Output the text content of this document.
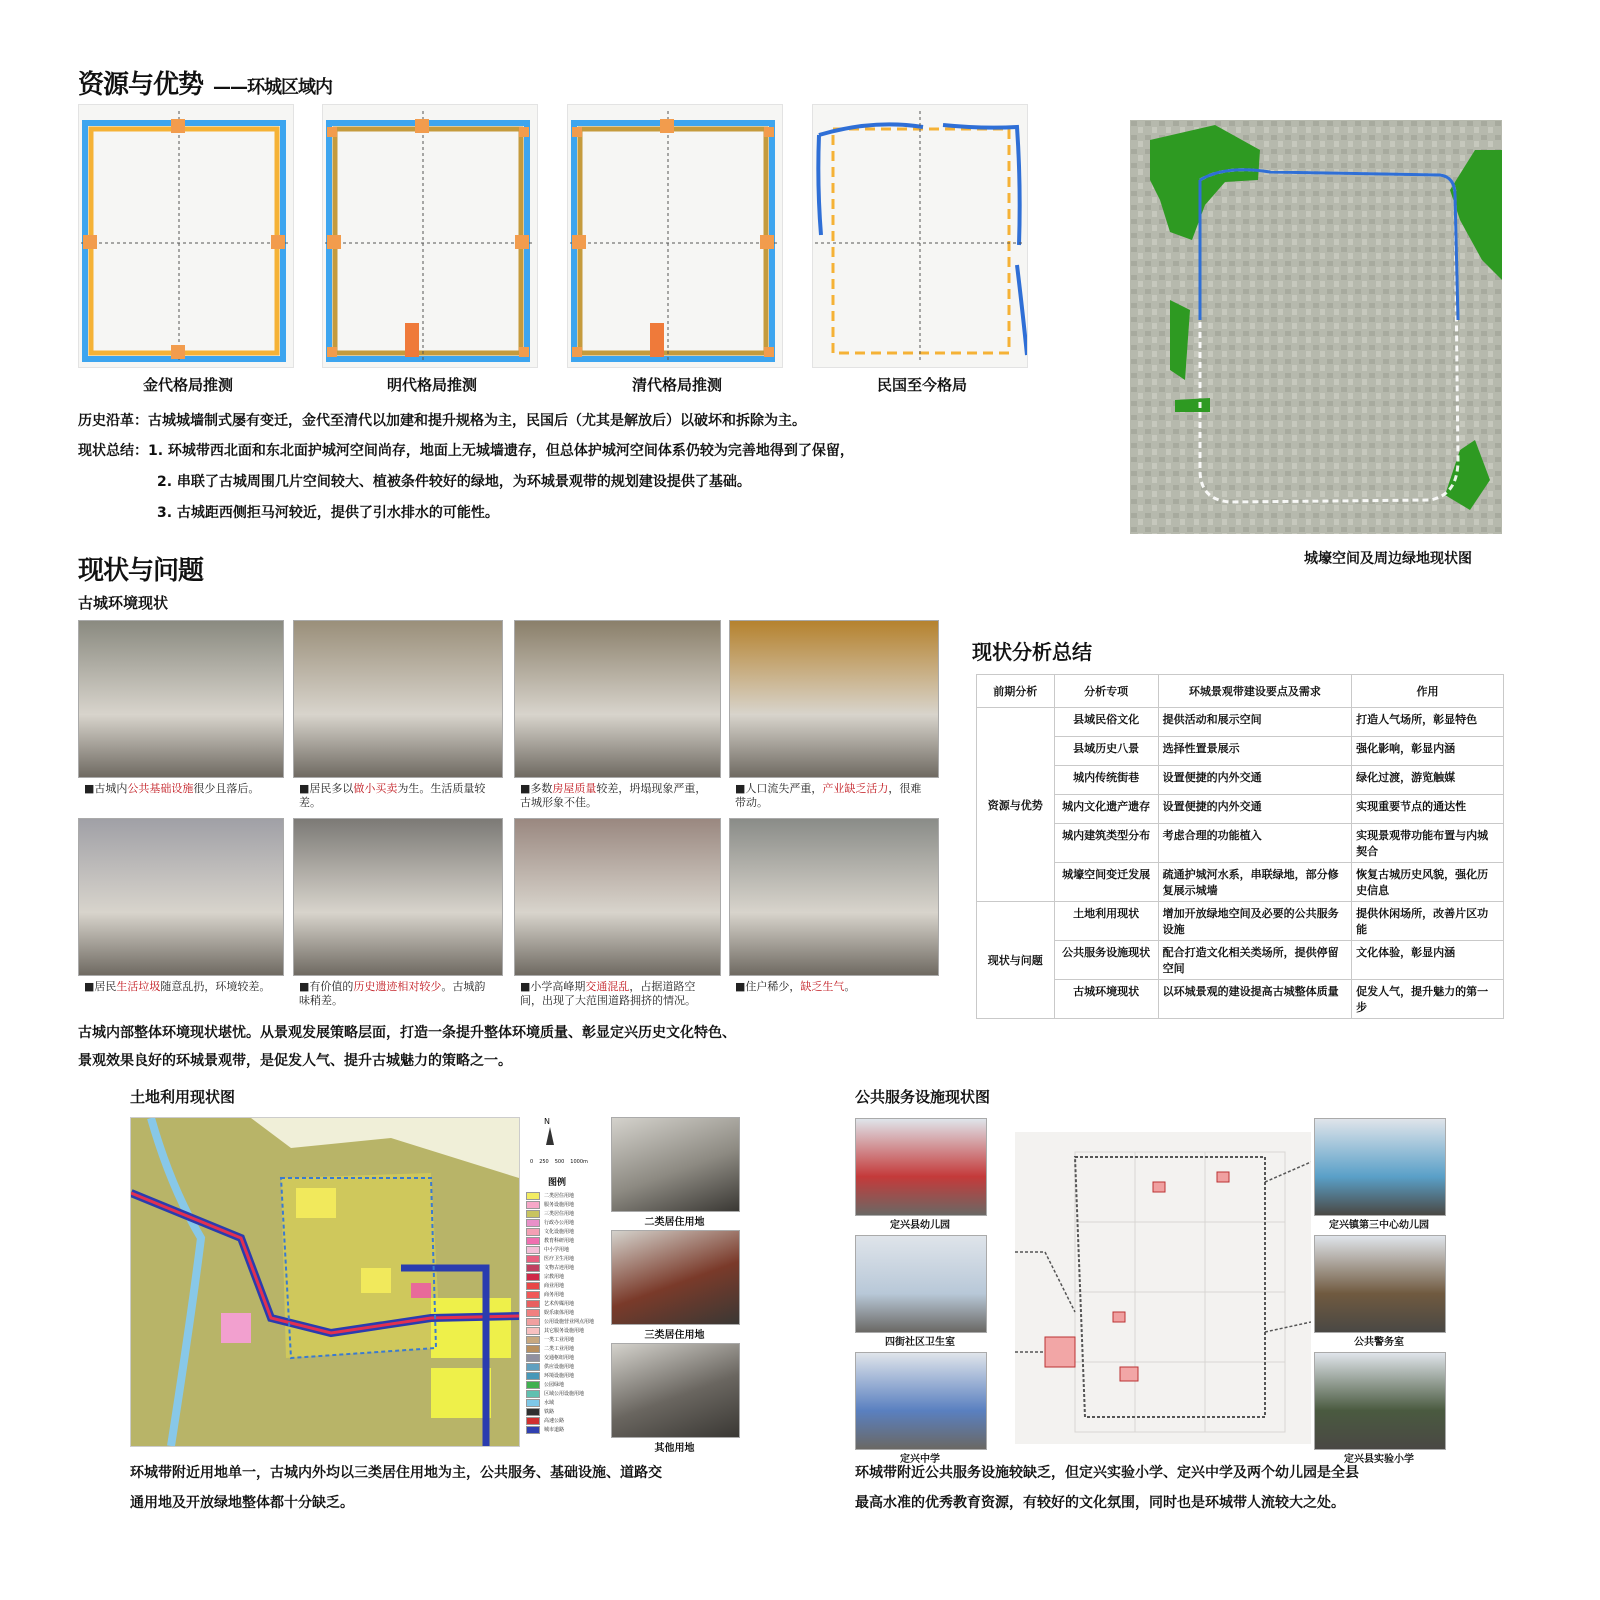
资源与优势 ——环城区域内
金代格局推测	明代格局推测	清代格局推测	民国至今格局
历史沿革：古城城墙制式屡有变迁，金代至清代以加建和提升规格为主，民国后（尤其是解放后）以破坏和拆除为主。
现状总结：1. 环城带西北面和东北面护城河空间尚存，地面上无城墙遗存，但总体护城河空间体系仍较为完善地得到了保留，
2. 串联了古城周围几片空间较大、植被条件较好的绿地，为环城景观带的规划建设提供了基础。
3. 古城距西侧拒马河较近，提供了引水排水的可能性。
城壕空间及周边绿地现状图
现状与问题
古城环境现状
■古城内公共基础设施很少且落后。	■居民多以做小买卖为生。生活质量较差。
■多数房屋质量较差，坍塌现象严重，古城形象不佳。
■人口流失严重，产业缺乏活力，很难带动。
■居民生活垃圾随意乱扔，环境较差。	■有价值的历史遗迹相对较少。古城韵味稍差。
■小学高峰期交通混乱，占据道路空间，出现了大范围道路拥挤的情况。
■住户稀少，缺乏生气。
古城内部整体环境现状堪忧。从景观发展策略层面，打造一条提升整体环境质量、彰显定兴历史文化特色、
景观效果良好的环城景观带，是促发人气、提升古城魅力的策略之一。
现状分析总结
前期分析	分析专项	环城景观带建设要点及需求	作用
资源与优势	县域民俗文化	提供活动和展示空间	打造人气场所，彰显特色
	县域历史八景	选择性置景展示	强化影响，彰显内涵
	城内传统街巷	设置便捷的内外交通	绿化过渡，游览触媒
	城内文化遗产遗存	设置便捷的内外交通	实现重要节点的通达性
	城内建筑类型分布	考虑合理的功能植入	实现景观带功能布置与内城契合
	城壕空间变迁发展	疏通护城河水系，串联绿地，部分修复展示城墙	恢复古城历史风貌，强化历史信息
现状与问题	土地利用现状	增加开放绿地空间及必要的公共服务设施	提供休闲场所，改善片区功能
	公共服务设施现状	配合打造文化相关类场所，提供停留空间	文化体验，彰显内涵
	古城环境现状	以环城景观的建设提高古城整体质量	促发人气，提升魅力的第一步
土地利用现状图
N
0 250 500 1000m
图例
二类居住用地
服务设施用地
三类居住用地
行政办公用地
文化设施用地
教育科研用地
中小学用地
医疗卫生用地
文物古迹用地
宗教用地
商业用地
商务用地
艺术传媒用地
娱乐康体用地
公用设施营业网点用地
其它服务设施用地
一类工业用地
二类工业用地
交通枢纽用地
供应设施用地
环境设施用地
公园绿地
区域公用设施用地
水域
铁路
高速公路
城市道路
二类居住用地
三类居住用地
其他用地
环城带附近用地单一，古城内外均以三类居住用地为主，公共服务、基础设施、道路交
通用地及开放绿地整体都十分缺乏。
公共服务设施现状图
定兴县幼儿园
四街社区卫生室
定兴中学
定兴镇第三中心幼儿园
公共警务室
定兴县实验小学
环城带附近公共服务设施较缺乏，但定兴实验小学、定兴中学及两个幼儿园是全县
最高水准的优秀教育资源，有较好的文化氛围，同时也是环城带人流较大之处。
